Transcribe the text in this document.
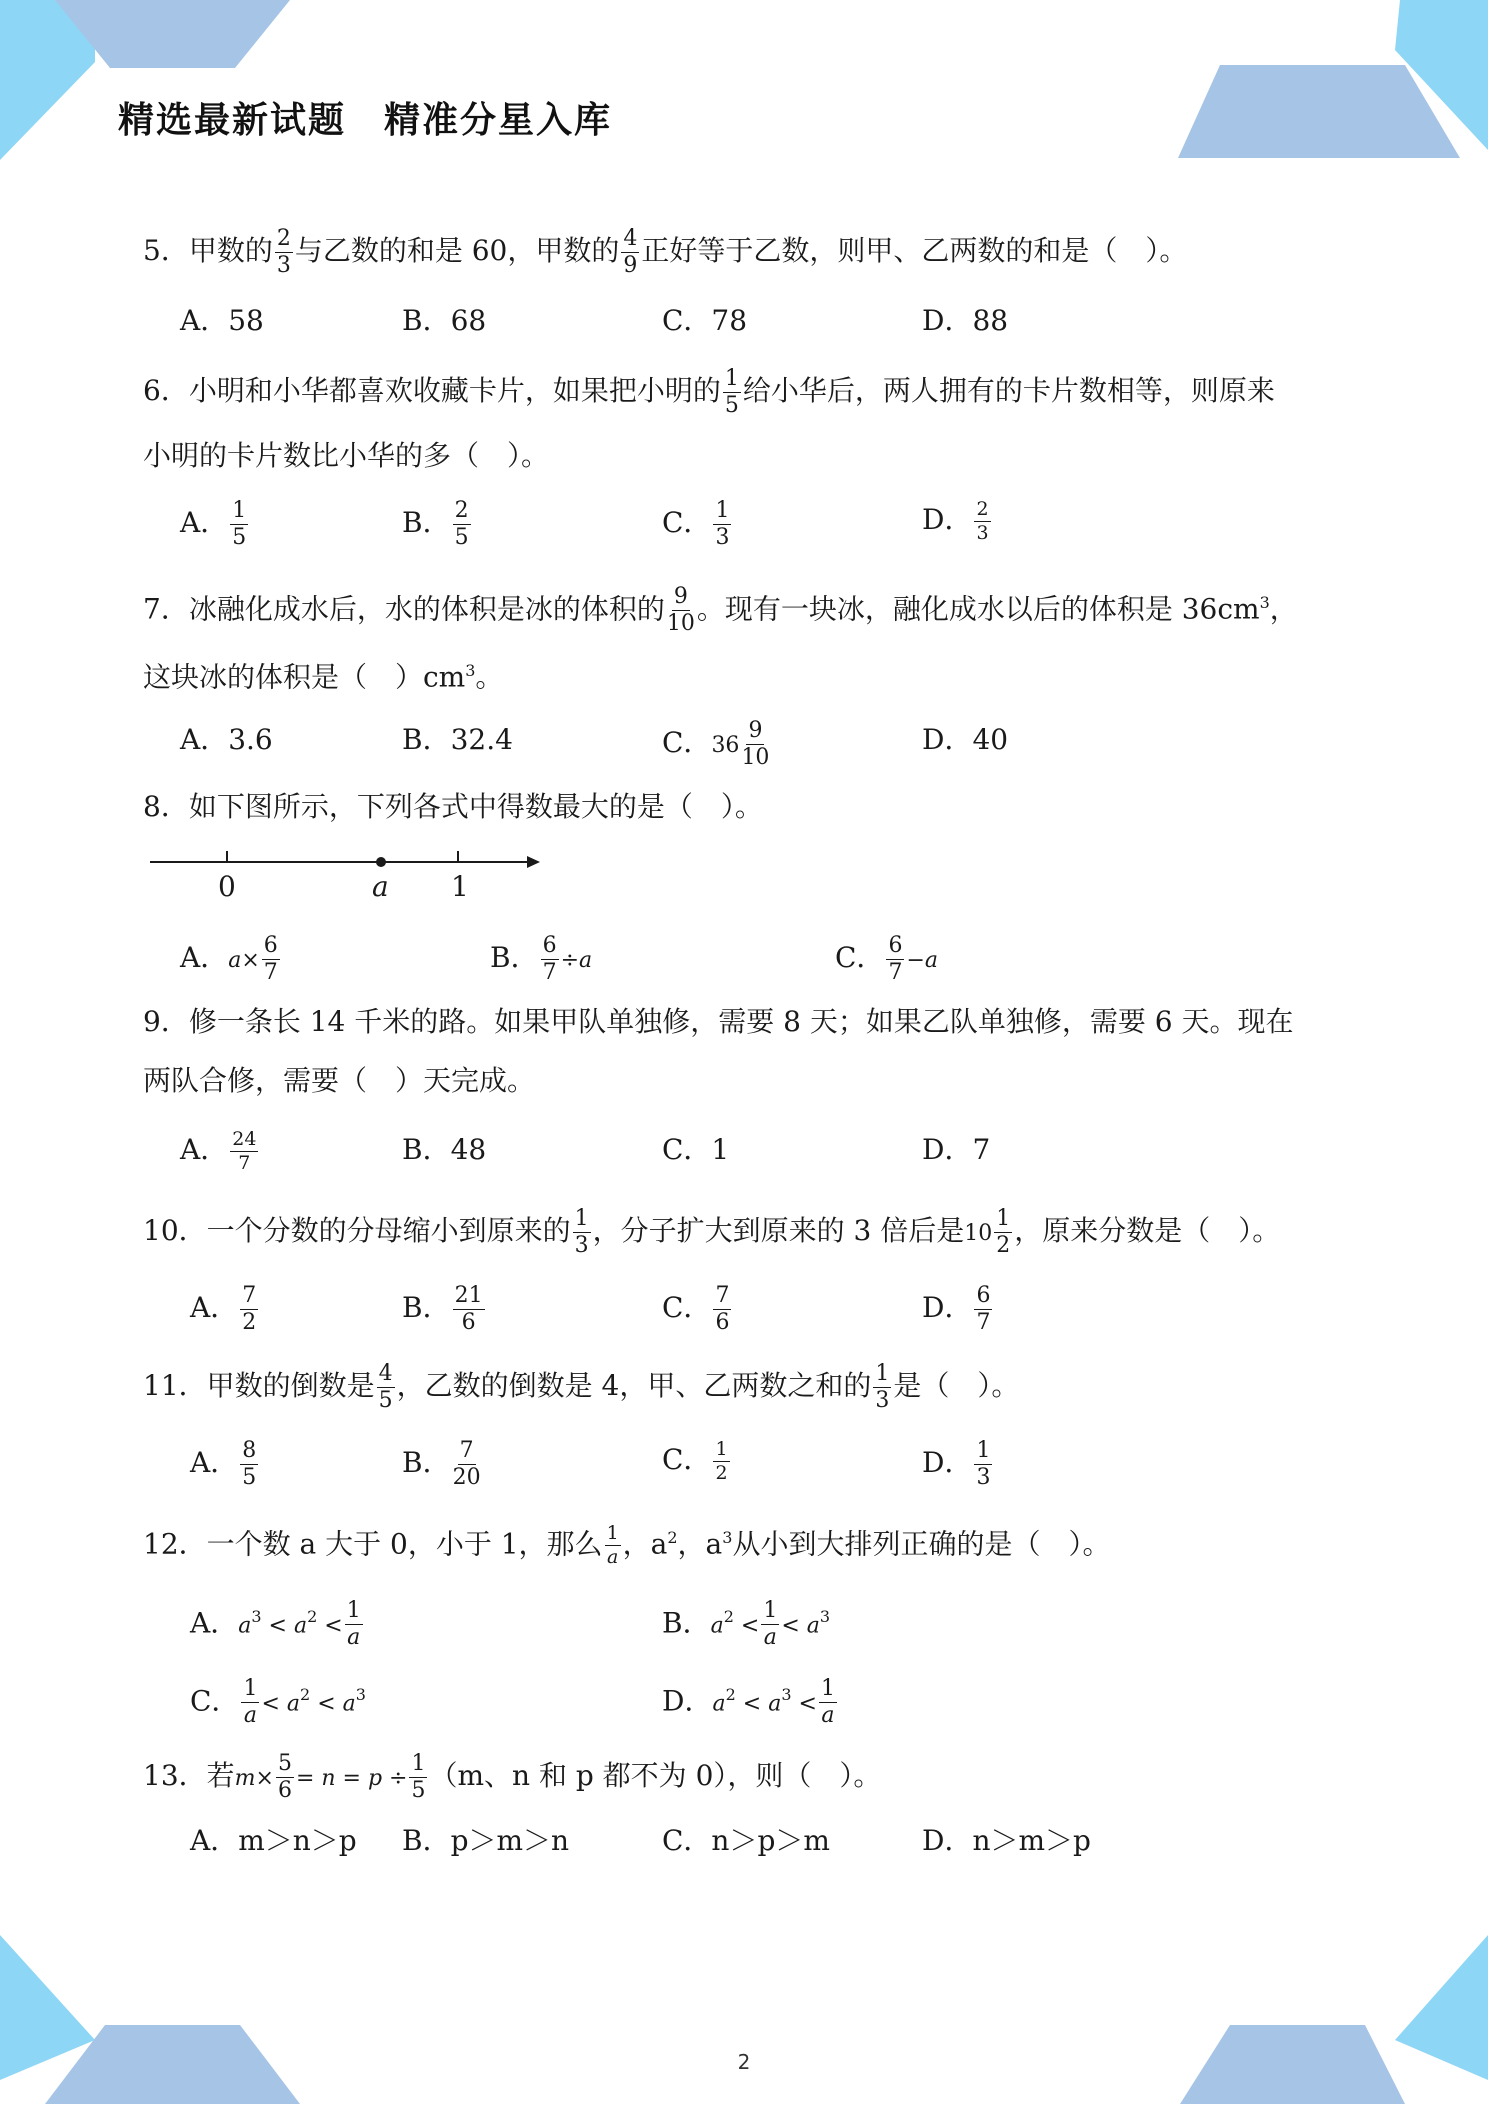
精选最新试题　精准分星入库
5．甲数的 $\frac{2}{3}$ 与乙数的和是 60，甲数的 $\frac{4}{9}$ 正好等于乙数，则甲、乙两数的和是（　）。
A．58	B．68	C．78	D．88
6．小明和小华都喜欢收藏卡片，如果把小明的 $\frac{1}{5}$ 给小华后，两人拥有的卡片数相等，则原来
小明的卡片数比小华的多（　）。
A． $\frac{1}{5}$	B． $\frac{2}{5}$	C． $\frac{1}{3}$	D． $\frac{2}{3}$
7．冰融化成水后，水的体积是冰的体积的 $\frac{9}{10}$ 。现有一块冰，融化成水以后的体积是 $36cm^3$，
这块冰的体积是（　）$cm^3$。
A．3.6	B．32.4	C．$36 \frac{9}{10}$	D．40
8．如下图所示，下列各式中得数最大的是（　）。
0	a 1
A．$a\times \frac{6}{7}$	B． $\frac{6}{7} \div a$	C． $\frac{6}{7} -a$
9．修一条长 14 千米的路。如果甲队单独修，需要 8 天；如果乙队单独修，需要 6 天。现在
两队合修，需要（　）天完成。
A． $\frac{24}{7}$	B．48	C．1	D．7
10．一个分数的分母缩小到原来的 $\frac{1}{3}$ ，分子扩大到原来的 3 倍后是$10 \frac{1}{2}$ ，原来分数是（　）。
A． $\frac{7}{2}$	B． $\frac{21}{6}$	C． $\frac{7}{6}$	D． $\frac{6}{7}$
11．甲数的倒数是 $\frac{4}{5}$ ，乙数的倒数是 4，甲、乙两数之和的 $\frac{1}{3}$ 是（　）。
A． $\frac{8}{5}$	B． $\frac{7}{20}$	C． $\frac{1}{2}$	D． $\frac{1}{3}$
12．一个数 a 大于 0，小于 1，那么 $\frac{1}{a}$ ，$a^2$，$a^3$从小到大排列正确的是（　）。
A．$a^3 < a^2 < \frac{1}{a}$	B．$a^2 < \frac{1}{a} < a^3$
C． $\frac{1}{a} < a^2 < a^3$	D．$a^2 < a^3 < \frac{1}{a}$
13．若$m\times \frac{5}{6} = n = p \div \frac{1}{5} (m$、n 和 p 都不为 0），则（　）。
A．m＞n＞p B．p＞m＞n	C．n＞p＞m	D．n＞m＞p
2
